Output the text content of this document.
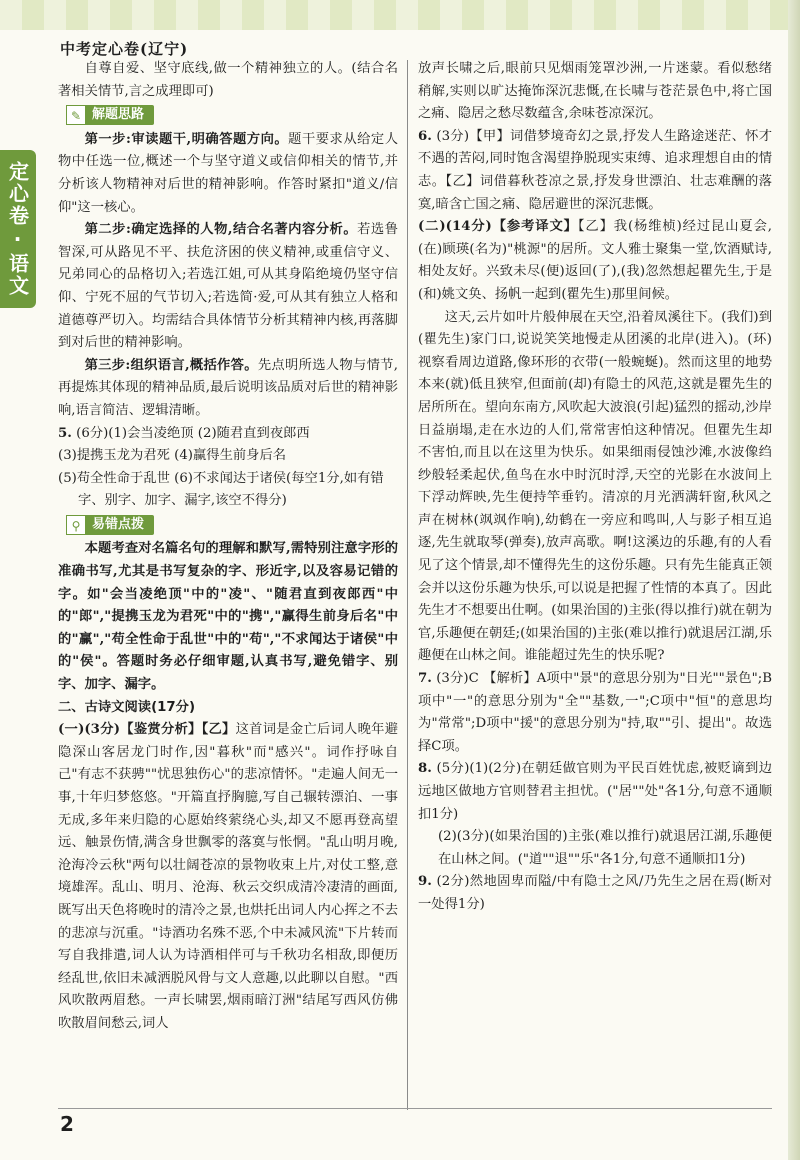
中考定心卷(辽宁)
定心卷·语文

自尊自爱、坚守底线,做一个精神独立的人。(结合名著相关情节,言之成理即可)

✎ 解题思路

第一步:审读题干,明确答题方向。题干要求从给定人物中任选一位,概述一个与坚守道义或信仰相关的情节,并分析该人物精神对后世的精神影响。作答时紧扣"道义/信仰"这一核心。

第二步:确定选择的人物,结合名著内容分析。若选鲁智深,可从路见不平、扶危济困的侠义精神,或重信守义、兄弟同心的品格切入;若选江姐,可从其身陷绝境仍坚守信仰、宁死不屈的气节切入;若选简·爱,可从其有独立人格和道德尊严切入。均需结合具体情节分析其精神内核,再落脚到对后世的精神影响。

第三步:组织语言,概括作答。先点明所选人物与情节,再提炼其体现的精神品质,最后说明该品质对后世的精神影响,语言简洁、逻辑清晰。

5. (6分)(1)会当凌绝顶 (2)随君直到夜郎西
(3)提携玉龙为君死 (4)赢得生前身后名
(5)苟全性命于乱世 (6)不求闻达于诸侯(每空1分,如有错字、别字、加字、漏字,该空不得分)
⚲ 易错点拨

本题考查对名篇名句的理解和默写,需特别注意字形的准确书写,尤其是书写复杂的字、形近字,以及容易记错的字。如"会当凌绝顶"中的"凌"、"随君直到夜郎西"中的"郎","提携玉龙为君死"中的"携","赢得生前身后名"中的"赢","苟全性命于乱世"中的"苟","不求闻达于诸侯"中的"侯"。答题时务必仔细审题,认真书写,避免错字、别字、加字、漏字。

二、古诗文阅读(17分)

(一)(3分)【鉴赏分析】【乙】这首词是金亡后词人晚年避隐深山客居龙门时作,因"暮秋"而"感兴"。词作抒咏自己"有志不获骋""忧思独伤心"的悲凉情怀。"走遍人间无一事,十年归梦悠悠。"开篇直抒胸臆,写自己辗转漂泊、一事无成,多年来归隐的心愿始终萦绕心头,却又不愿再登高望远、触景伤情,满含身世飘零的落寞与怅惘。"乱山明月晚,沧海冷云秋"两句以壮阔苍凉的景物收束上片,对仗工整,意境雄浑。乱山、明月、沧海、秋云交织成清冷凄清的画面,既写出天色将晚时的清冷之景,也烘托出词人内心挥之不去的悲凉与沉重。"诗酒功名殊不恶,个中未减风流"下片转而写自我排遣,词人认为诗酒相伴可与千秋功名相敌,即便历经乱世,依旧未减洒脱风骨与文人意趣,以此聊以自慰。"西风吹散两眉愁。一声长啸罢,烟雨暗汀洲"结尾写西风仿佛吹散眉间愁云,词人

放声长啸之后,眼前只见烟雨笼罩沙洲,一片迷蒙。看似愁绪稍解,实则以旷达掩饰深沉悲慨,在长啸与苍茫景色中,将亡国之痛、隐居之愁尽数蕴含,余味苍凉深沉。

6. (3分)【甲】词借梦境奇幻之景,抒发人生路途迷茫、怀才不遇的苦闷,同时饱含渴望挣脱现实束缚、追求理想自由的情志。【乙】词借暮秋苍凉之景,抒发身世漂泊、壮志难酬的落寞,暗含亡国之痛、隐居避世的深沉悲慨。

(二)(14分)【参考译文】【乙】我(杨维桢)经过昆山夏会,(在)顾瑛(名为)"桃源"的居所。文人雅士聚集一堂,饮酒赋诗,相处友好。兴致未尽(便)返回(了),(我)忽然想起瞿先生,于是(和)姚文奂、扬帆一起到(瞿先生)那里间候。

这天,云片如叶片般伸展在天空,沿着凤溪往下。(我们)到(瞿先生)家门口,说说笑笑地慢走从团溪的北岸(进入)。(环)视察看周边道路,像环形的衣带(一般蜿蜒)。然而这里的地势本来(就)低且狭窄,但面前(却)有隐士的风范,这就是瞿先生的居所所在。望向东南方,风吹起大波浪(引起)猛烈的摇动,沙岸日益崩塌,走在水边的人们,常常害怕这种情况。但瞿先生却不害怕,而且以在这里为快乐。如果细雨侵蚀沙滩,水波像绉纱般轻柔起伏,鱼鸟在水中时沉时浮,天空的光影在水波间上下浮动辉映,先生便持竿垂钓。清凉的月光洒满轩窗,秋风之声在树林(飒飒作响),幼鹤在一旁应和鸣叫,人与影子相互追逐,先生就取琴(弹奏),放声高歌。啊!这溪边的乐趣,有的人看见了这个情景,却不懂得先生的这份乐趣。只有先生能真正领会并以这份乐趣为快乐,可以说是把握了性情的本真了。因此先生才不想要出仕啊。(如果治国的)主张(得以推行)就在朝为官,乐趣便在朝廷;(如果治国的)主张(难以推行)就退居江湖,乐趣便在山林之间。谁能超过先生的快乐呢?

7. (3分)C 【解析】A项中"景"的意思分别为"日光""景色";B项中"一"的意思分别为"全""基数,一";C项中"恒"的意思均为"常常";D项中"援"的意思分别为"持,取""引、提出"。故选择C项。

8. (5分)(1)(2分)在朝廷做官则为平民百姓忧虑,被贬谪到边远地区做地方官则替君主担忧。("居""处"各1分,句意不通顺扣1分)

(2)(3分)(如果治国的)主张(难以推行)就退居江湖,乐趣便在山林之间。("道""退""乐"各1分,句意不通顺扣1分)

9. (2分)然地固卑而隘/中有隐士之风/乃先生之居在焉(断对一处得1分)

2
